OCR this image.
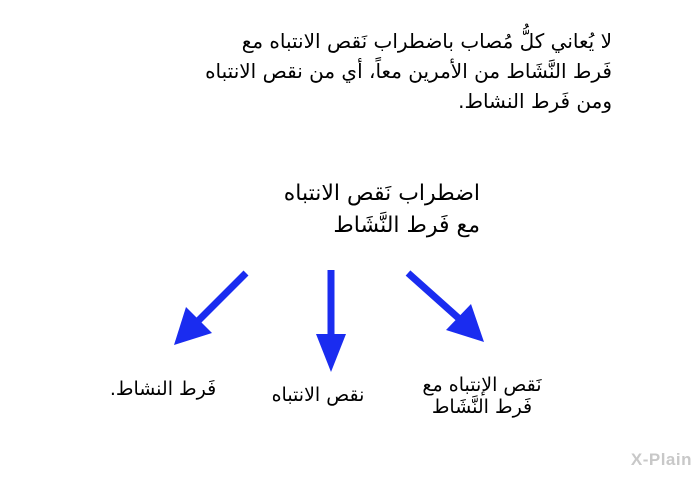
لا يُعاني كلُّ مُصاب باضطراب نَقص الانتباه مع
فَرط النَّشَاط من الأمرين معاً، أي من نقص الانتباه
ومن فَرط النشاط.
اضطراب نَقص الانتباه
مع فَرط النَّشَاط
فَرط النشاط.	نقص الانتباه	نَقص الإنتباه مع
فَرط النَّشَاط
X-Plain
